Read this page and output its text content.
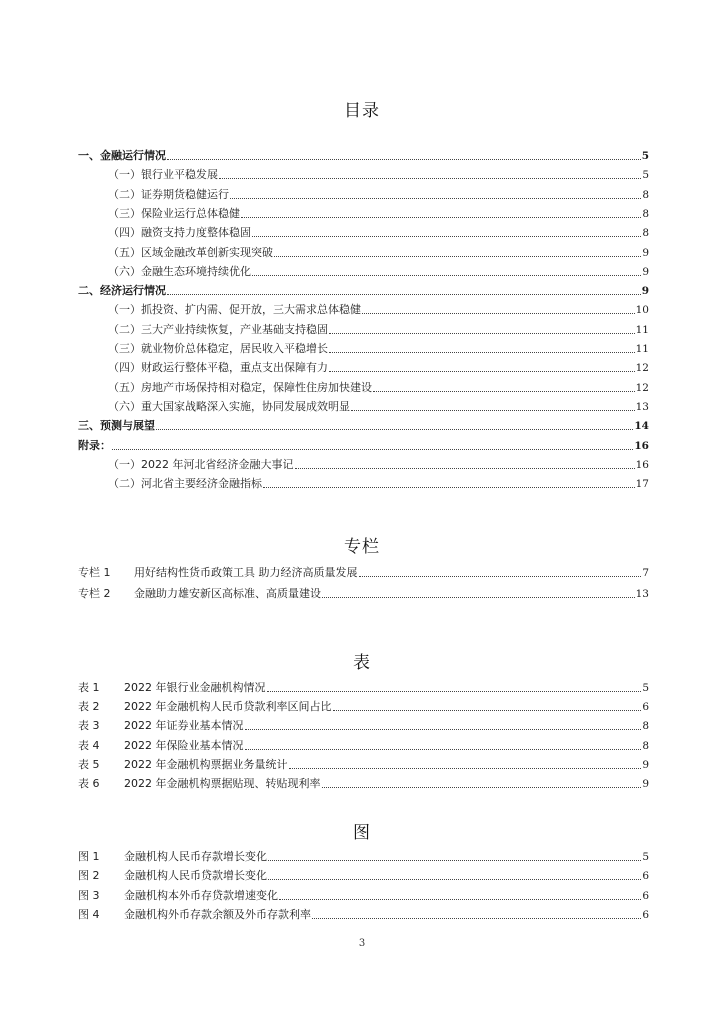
目录
一、金融运行情况	5
（一）银行业平稳发展	5
（二）证券期货稳健运行	8
（三）保险业运行总体稳健	8
（四）融资支持力度整体稳固	8
（五）区域金融改革创新实现突破	9
（六）金融生态环境持续优化	9
二、经济运行情况	9
（一）抓投资、扩内需、促开放，三大需求总体稳健	10
（二）三大产业持续恢复，产业基础支持稳固	11
（三）就业物价总体稳定，居民收入平稳增长	11
（四）财政运行整体平稳，重点支出保障有力	12
（五）房地产市场保持相对稳定，保障性住房加快建设	12
（六）重大国家战略深入实施，协同发展成效明显	13
三、预测与展望	14
附录：	16
（一）2022 年河北省经济金融大事记	16
（二）河北省主要经济金融指标	17
专栏
专栏 1	用好结构性货币政策工具 助力经济高质量发展	7
专栏 2	金融助力雄安新区高标准、高质量建设	13
表
表 1	2022 年银行业金融机构情况	5
表 2	2022 年金融机构人民币贷款利率区间占比	6
表 3	2022 年证券业基本情况	8
表 4	2022 年保险业基本情况	8
表 5	2022 年金融机构票据业务量统计	9
表 6	2022 年金融机构票据贴现、转贴现利率	9
图
图 1	金融机构人民币存款增长变化	5
图 2	金融机构人民币贷款增长变化	6
图 3	金融机构本外币存贷款增速变化	6
图 4	金融机构外币存款余额及外币存款利率	6
3
